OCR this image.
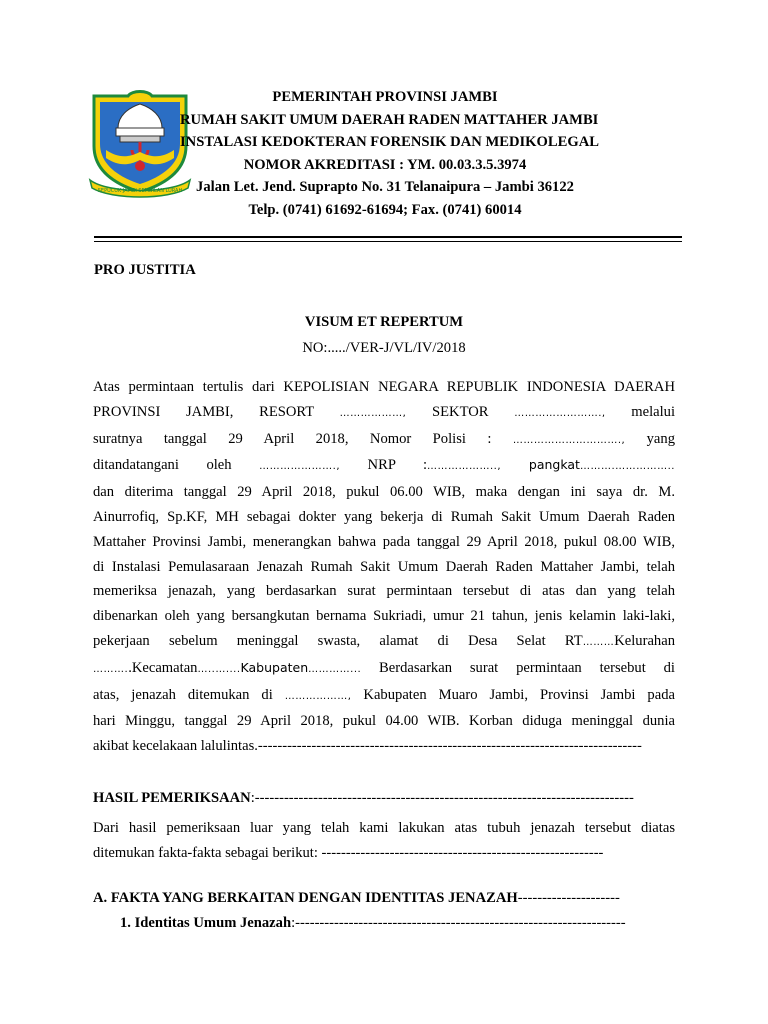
SEPUCUK JAMBI SEMBILAN LURAH
PEMERINTAH PROVINSI JAMBI
RUMAH SAKIT UMUM DAERAH RADEN MATTAHER JAMBI
INSTALASI KEDOKTERAN FORENSIK DAN MEDIKOLEGAL
NOMOR AKREDITASI : YM. 00.03.3.5.3974
Jalan Let. Jend. Suprapto No. 31 Telanaipura – Jambi 36122
Telp. (0741) 61692-61694; Fax. (0741) 60014
PRO JUSTITIA
VISUM ET REPERTUM
NO:...../VER-J/VL/IV/2018
Atas permintaan tertulis dari KEPOLISIAN NEGARA REPUBLIK INDONESIA DAERAH
PROVINSI JAMBI, RESORT ………………, SEKTOR ……………………., melalui
suratnya tanggal 29 April 2018, Nomor Polisi : …………………………., yang
ditandatangani oleh …………………., NRP :……………….., pangkat……….……………..
dan diterima tanggal 29 April 2018, pukul 06.00 WIB, maka dengan ini saya dr. M.
Ainurrofiq, Sp.KF, MH sebagai dokter yang bekerja di Rumah Sakit Umum Daerah Raden
Mattaher Provinsi Jambi, menerangkan bahwa pada tanggal 29 April 2018, pukul 08.00 WIB,
di Instalasi Pemulasaraan Jenazah Rumah Sakit Umum Daerah Raden Mattaher Jambi, telah
memeriksa jenazah, yang berdasarkan surat permintaan tersebut di atas dan yang telah
dibenarkan oleh yang bersangkutan bernama Sukriadi, umur 21 tahun, jenis kelamin laki-laki,
pekerjaan sebelum meninggal swasta, alamat di Desa Selat RT………Kelurahan
………..Kecamatan…..…....Kabupaten…………... Berdasarkan surat permintaan tersebut di
atas, jenazah ditemukan di ………………, Kabupaten Muaro Jambi, Provinsi Jambi pada
hari Minggu, tanggal 29 April 2018, pukul 04.00 WIB. Korban diduga meninggal dunia
akibat kecelakaan lalulintas.-------------------------------------------------------------------------------
HASIL PEMERIKSAAN:------------------------------------------------------------------------------
Dari hasil pemeriksaan luar yang telah kami lakukan atas tubuh jenazah tersebut diatas
ditemukan fakta-fakta sebagai berikut: ----------------------------------------------------------
A. FAKTA YANG BERKAITAN DENGAN IDENTITAS JENAZAH---------------------
1. Identitas Umum Jenazah:--------------------------------------------------------------------
